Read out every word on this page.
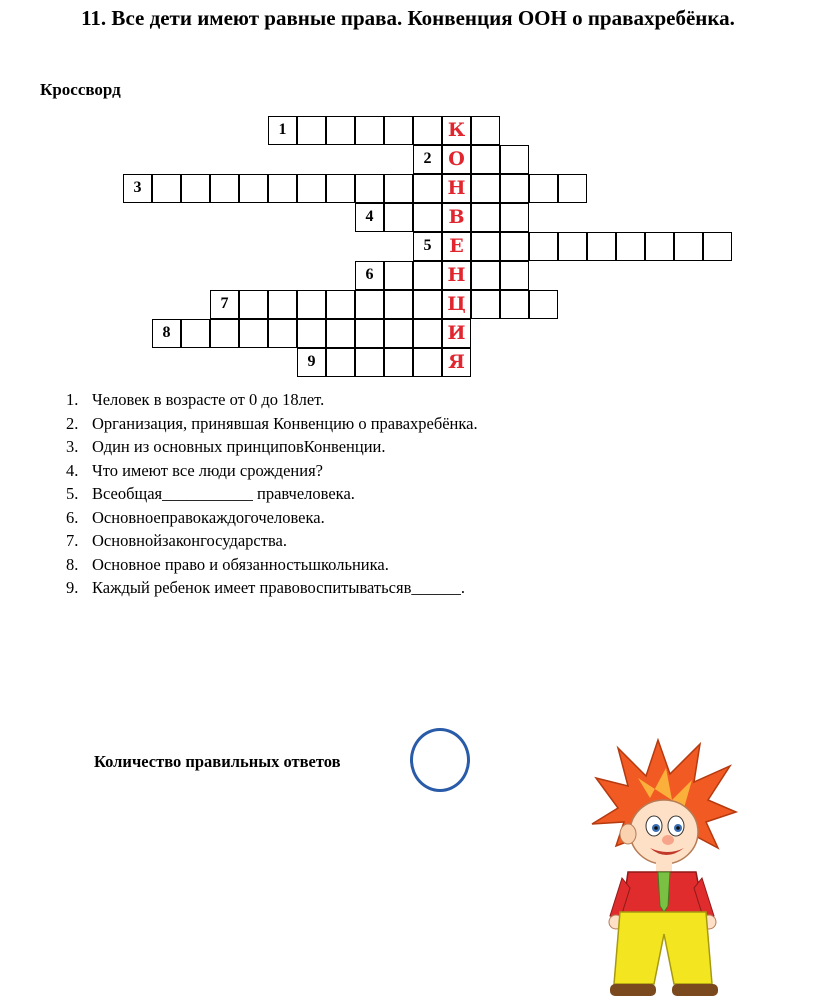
11. Все дети имеют равные права. Конвенция ООН о правахребёнка.
Кроссворд
1	К
2 О
3	Н
4	В
5 Е
6	Н
7	Ц
8	И
9	Я
1. Человек в возрасте от 0 до 18лет.
2. Организация, принявшая Конвенцию о правахребёнка.
3. Один из основных принциповКонвенции.
4. Что имеют все люди срождения?
5. Всеобщая___________ правчеловека.
6. Основноеправокаждогочеловека.
7. Основнойзаконгосударства.
8. Основное право и обязанностьшкольника.
9. Каждый ребенок имеет правовоспитыватьсяв______.
Количество правильных ответов
